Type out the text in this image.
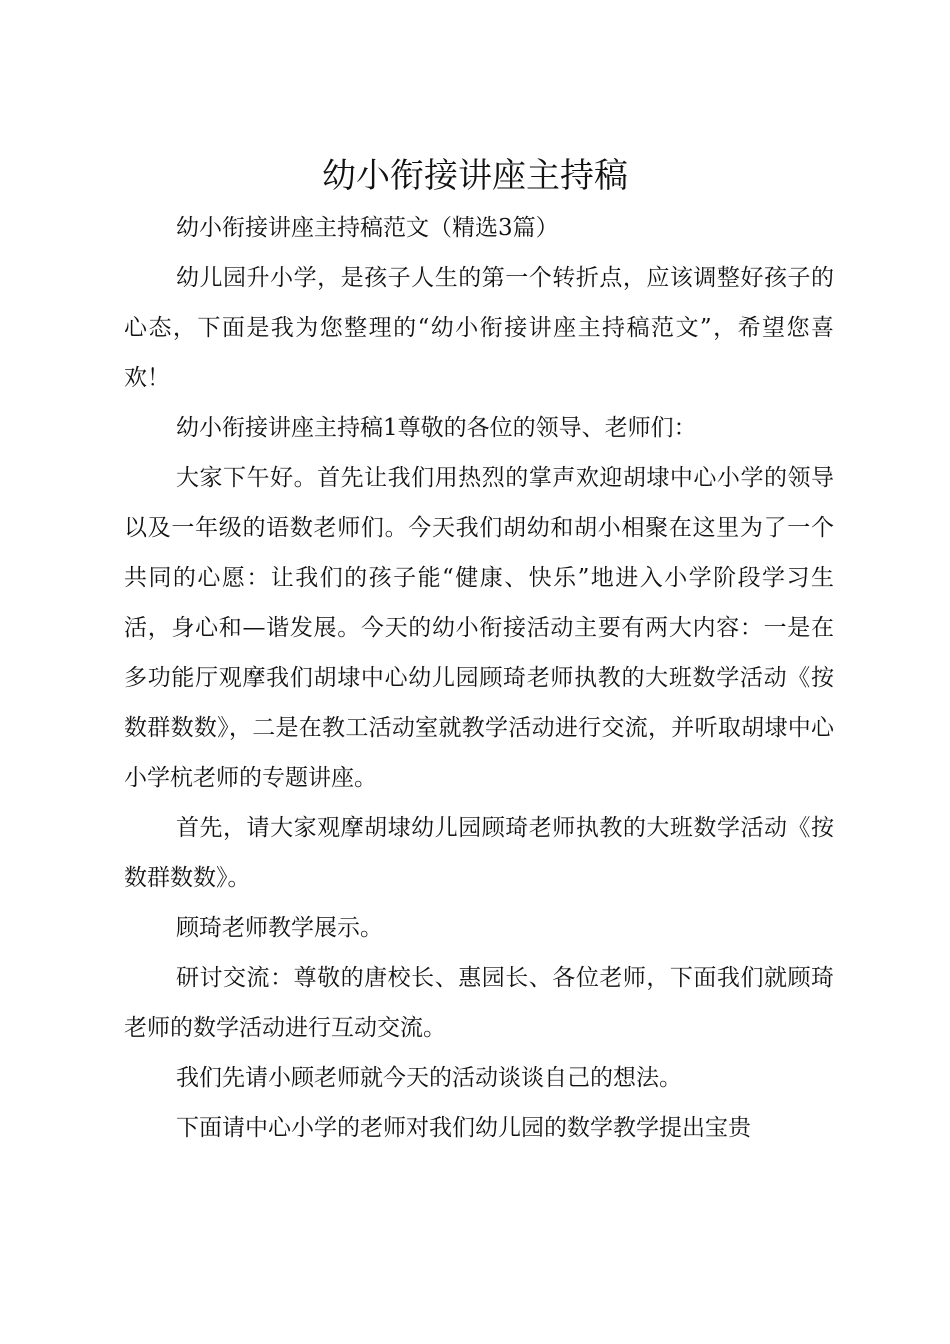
幼小衔接讲座主持稿

幼小衔接讲座主持稿范文（精选3篇）

幼儿园升小学，是孩子人生的第一个转折点，应该调整好孩子的心态，下面是我为您整理的“幼小衔接讲座主持稿范文”，希望您喜欢！

幼小衔接讲座主持稿1尊敬的各位的领导、老师们：

大家下午好。首先让我们用热烈的掌声欢迎胡埭中心小学的领导以及一年级的语数老师们。今天我们胡幼和胡小相聚在这里为了一个共同的心愿：让我们的孩子能“健康、快乐”地进入小学阶段学习生活，身心和—谐发展。今天的幼小衔接活动主要有两大内容：一是在多功能厅观摩我们胡埭中心幼儿园顾琦老师执教的大班数学活动《按数群数数》，二是在教工活动室就教学活动进行交流，并听取胡埭中心小学杭老师的专题讲座。

首先，请大家观摩胡埭幼儿园顾琦老师执教的大班数学活动《按数群数数》。

顾琦老师教学展示。

研讨交流：尊敬的唐校长、惠园长、各位老师，下面我们就顾琦老师的数学活动进行互动交流。

我们先请小顾老师就今天的活动谈谈自己的想法。

下面请中心小学的老师对我们幼儿园的数学教学提出宝贵
